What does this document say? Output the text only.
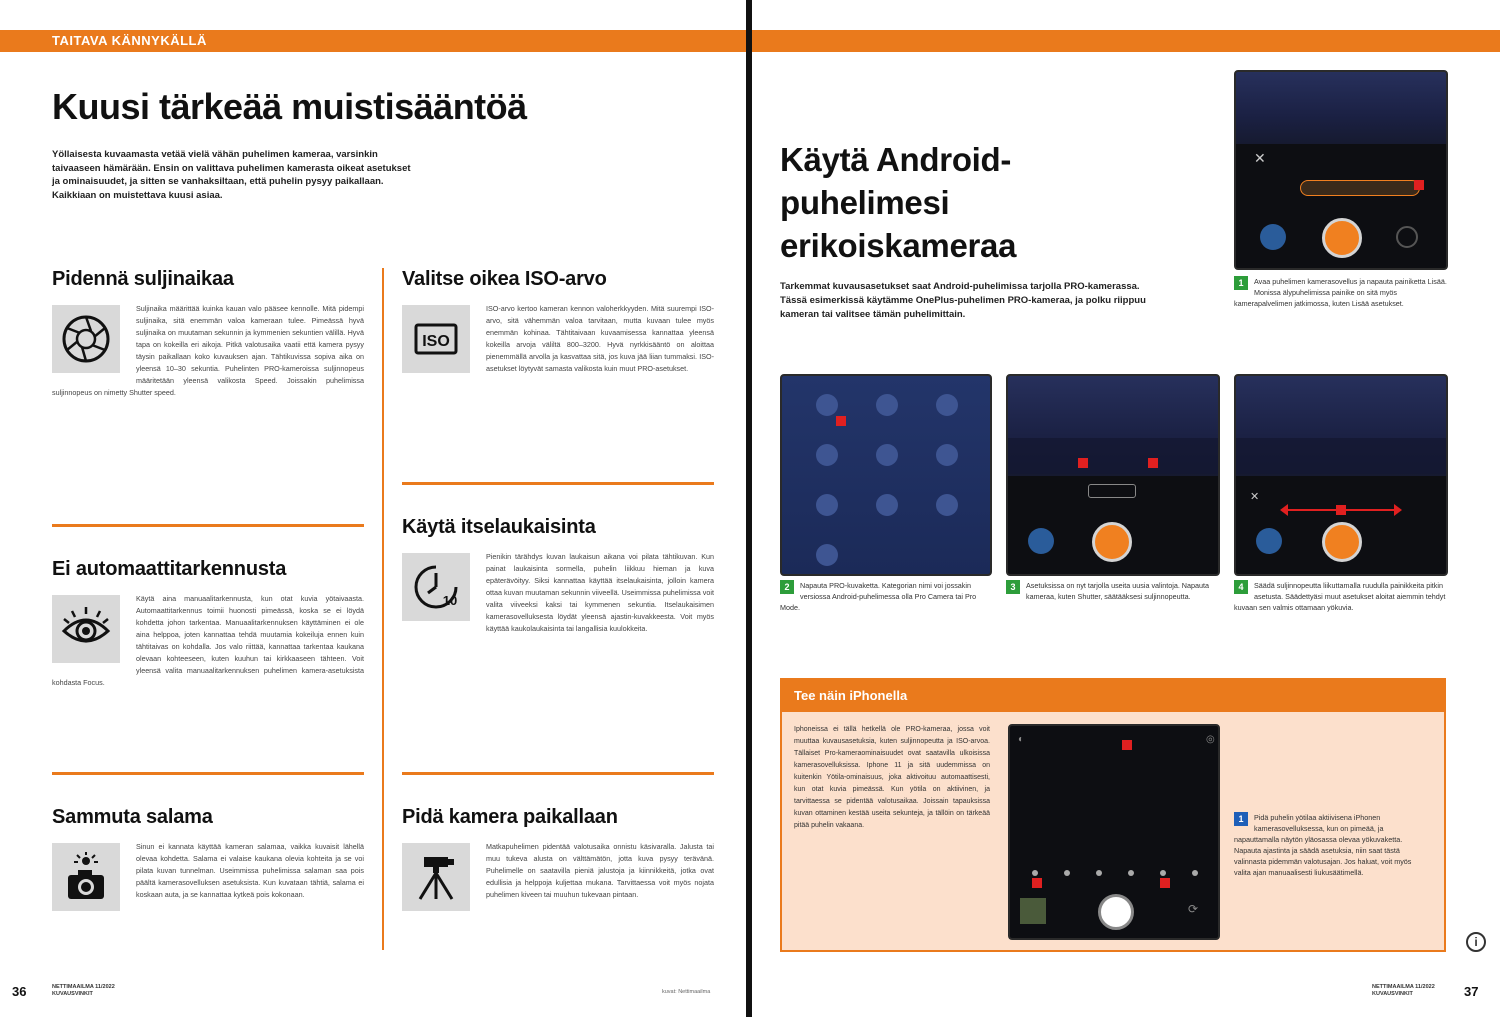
TAITAVA KÄNNYKÄLLÄ
Kuusi tärkeää muistisääntöä

Yöllaisesta kuvaamasta vetää vielä vähän puhelimen kameraa, varsinkin taivaaseen hämärään. Ensin on valittava puhelimen kamerasta oikeat asetukset ja ominaisuudet, ja sitten se vanhaksiltaan, että puhelin pysyy paikallaan. Kaikkiaan on muistettava kuusi asiaa.

Pidennä suljinaikaa

Suljinaika määrittää kuinka kauan valo pääsee kennolle. Mitä pidempi suljinaika, sitä enemmän valoa kameraan tulee. Pimeässä hyvä suljinaika on muutaman sekunnin ja kymmenien sekuntien välillä. Hyvä tapa on kokeilla eri aikoja. Pitkä valotusaika vaatii että kamera pysyy täysin paikallaan koko kuvauksen ajan. Tähtikuvissa sopiva aika on yleensä 10–30 sekuntia. Puhelinten PRO-kameroissa suljinnopeus määritetään yleensä valikosta Speed. Joissakin puhelimissa suljinnopeus on nimetty Shutter speed.

Ei automaattitarkennusta

Käytä aina manuaalitarkennusta, kun otat kuvia yötaivaasta. Automaattitarkennus toimii huonosti pimeässä, koska se ei löydä kohdetta johon tarkentaa. Manuaalitarkennuksen käyttäminen ei ole aina helppoa, joten kannattaa tehdä muutamia kokeiluja ennen kuin tähtitaivas on kohdalla. Jos valo riittää, kannattaa tarkentaa kaukana olevaan kohteeseen, kuten kuuhun tai kirkkaaseen tähteen. Voit yleensä valita manuaalitarkennuksen puhelimen kamera-asetuksista kohdasta Focus.

Sammuta salama

Sinun ei kannata käyttää kameran salamaa, vaikka kuvaisit lähellä olevaa kohdetta. Salama ei valaise kaukana olevia kohteita ja se voi pilata kuvan tunnelman. Useimmissa puhelimissa salaman saa pois päältä kamerasovelluksen asetuksista. Kun kuvataan tähtiä, salama ei koskaan auta, ja se kannattaa kytkeä pois kokonaan.

Valitse oikea ISO-arvo
ISO

ISO-arvo kertoo kameran kennon valoherkkyyden. Mitä suurempi ISO-arvo, sitä vähemmän valoa tarvitaan, mutta kuvaan tulee myös enemmän kohinaa. Tähtitaivaan kuvaamisessa kannattaa yleensä kokeilla arvoja väliltä 800–3200. Hyvä nyrkkisääntö on aloittaa pienemmällä arvolla ja kasvattaa sitä, jos kuva jää liian tummaksi. ISO-asetukset löytyvät samasta valikosta kuin muut PRO-asetukset.

Käytä itselaukaisinta
10

Pienikin tärähdys kuvan laukaisun aikana voi pilata tähtikuvan. Kun painat laukaisinta sormella, puhelin liikkuu hieman ja kuva epäterävöityy. Siksi kannattaa käyttää itselaukaisinta, jolloin kamera ottaa kuvan muutaman sekunnin viiveellä. Useimmissa puhelimissa voit valita viiveeksi kaksi tai kymmenen sekuntia. Itselaukaisimen kamerasovelluksesta löydät yleensä ajastin-kuvakkeesta. Voit myös käyttää kaukolaukaisinta tai langallisia kuulokkeita.

Pidä kamera paikallaan

Matkapuhelimen pidentää valotusaika onnistu käsivaralla. Jalusta tai muu tukeva alusta on välttämätön, jotta kuva pysyy terävänä. Puhelimelle on saatavilla pieniä jalustoja ja kiinnikkeitä, jotka ovat edullisia ja helppoja kuljettaa mukana. Tarvittaessa voit myös nojata puhelimen kiveen tai muuhun tukevaan pintaan.

36	NETTIMAAILMA 11/2022
KUVAUSVINKIT	kuvat: Nettimaailma
Käytä Android-puhelimesi erikoiskameraa

Tarkemmat kuvausasetukset saat Android-puhelimissa tarjolla PRO-kamerassa. Tässä esimerkissä käytämme OnePlus-puhelimen PRO-kameraa, ja polku riippuu kameran tai valitsee tämän puhelimittain.

✕
1	Avaa puhelimen kamerasovellus ja napauta painiketta Lisää. Monissa älypuhelimissa painike on sitä myös kamerapalvelimen jatkimossa, kuten Lisää asetukset.
2	Napauta PRO-kuvaketta. Kategorian nimi voi jossakin versiossa Android-puhelimessa olla Pro Camera tai Pro Mode.
3	Asetuksissa on nyt tarjolla useita uusia valintoja. Napauta kameraa, kuten Shutter, säätääksesi suljinnopeutta.
✕
4	Säädä suljinnopeutta liikuttamalla ruudulla painikkeita pitkin asetusta. Säädettyäsi muut asetukset aloitat aiemmin tehdyt kuvaan sen valmis ottamaan yökuvia.
Tee näin iPhonella

Iphoneissa ei tällä hetkellä ole PRO-kameraa, jossa voit muuttaa kuvausasetuksia, kuten suljinnopeutta ja ISO-arvoa. Tällaiset Pro-kameraominaisuudet ovat saatavilla ulkoisissa kamerasovelluksissa. Iphone 11 ja sitä uudemmissa on kuitenkin Yötila-ominaisuus, joka aktivoituu automaattisesti, kun otat kuvia pimeässä. Kun yötila on aktiivinen, ja tarvittaessa se pidentää valotusaikaa. Joissain tapauksissa kuvan ottaminen kestää useita sekunteja, ja tällöin on tärkeää pitää puhelin vakaana.

◐	◎
⟳
1	Pidä puhelin yötilaa aktiivisena iPhonen kamerasovelluksessa, kun on pimeää, ja napauttamalla näytön yläosassa olevaa yökuvaketta. Napauta ajastinta ja säädä asetuksia, niin saat tästä valinnasta pidemmän valotusajan. Jos haluat, voit myös valita ajan manuaalisesti liukusäätimellä.
i
NETTIMAAILMA 11/2022
KUVAUSVINKIT	37
